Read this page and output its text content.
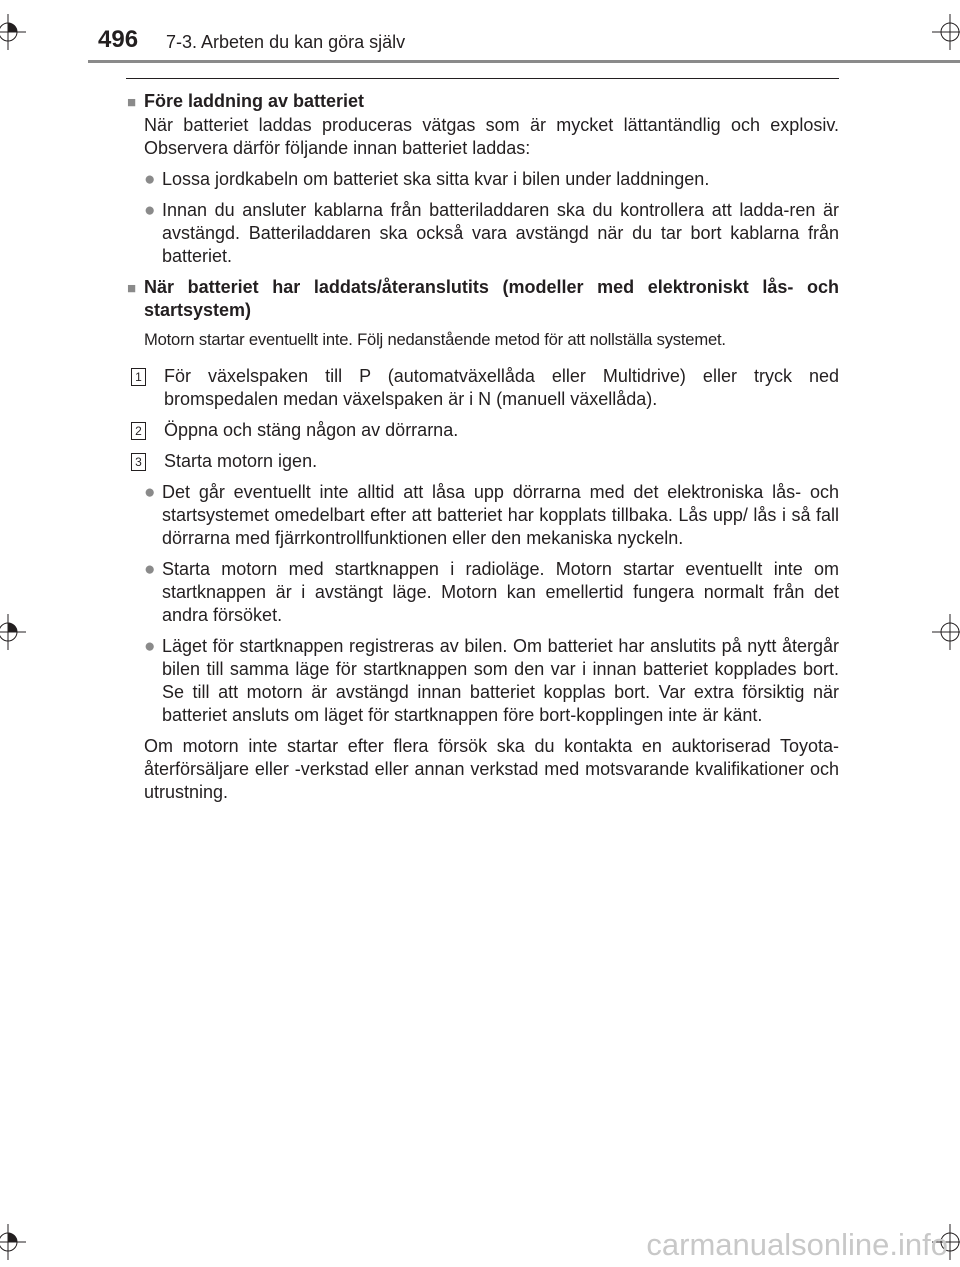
496 7-3. Arbeten du kan göra själv
■ Före laddning av batteriet

När batteriet laddas produceras vätgas som är mycket lättantändlig och explosiv. Observera därför följande innan batteriet laddas:

● Lossa jordkabeln om batteriet ska sitta kvar i bilen under laddningen.
● Innan du ansluter kablarna från batteriladdaren ska du kontrollera att ladda-ren är avstängd. Batteriladdaren ska också vara avstängd när du tar bort kablarna från batteriet.
■ När batteriet har laddats/återanslutits (modeller med elektroniskt lås- och startsystem)

Motorn startar eventuellt inte. Följ nedanstående metod för att nollställa systemet.

1 För växelspaken till P (automatväxellåda eller Multidrive) eller tryck ned bromspedalen medan växelspaken är i N (manuell växellåda).
2 Öppna och stäng någon av dörrarna.
3 Starta motorn igen.
● Det går eventuellt inte alltid att låsa upp dörrarna med det elektroniska lås- och startsystemet omedelbart efter att batteriet har kopplats tillbaka. Lås upp/ lås i så fall dörrarna med fjärrkontrollfunktionen eller den mekaniska nyckeln.
● Starta motorn med startknappen i radioläge. Motorn startar eventuellt inte om startknappen är i avstängt läge. Motorn kan emellertid fungera normalt från det andra försöket.
● Läget för startknappen registreras av bilen. Om batteriet har anslutits på nytt återgår bilen till samma läge för startknappen som den var i innan batteriet kopplades bort. Se till att motorn är avstängd innan batteriet kopplas bort. Var extra försiktig när batteriet ansluts om läget för startknappen före bort-kopplingen inte är känt.

Om motorn inte startar efter flera försök ska du kontakta en auktoriserad Toyota-återförsäljare eller -verkstad eller annan verkstad med motsvarande kvalifikationer och utrustning.

carmanualsonline.info
